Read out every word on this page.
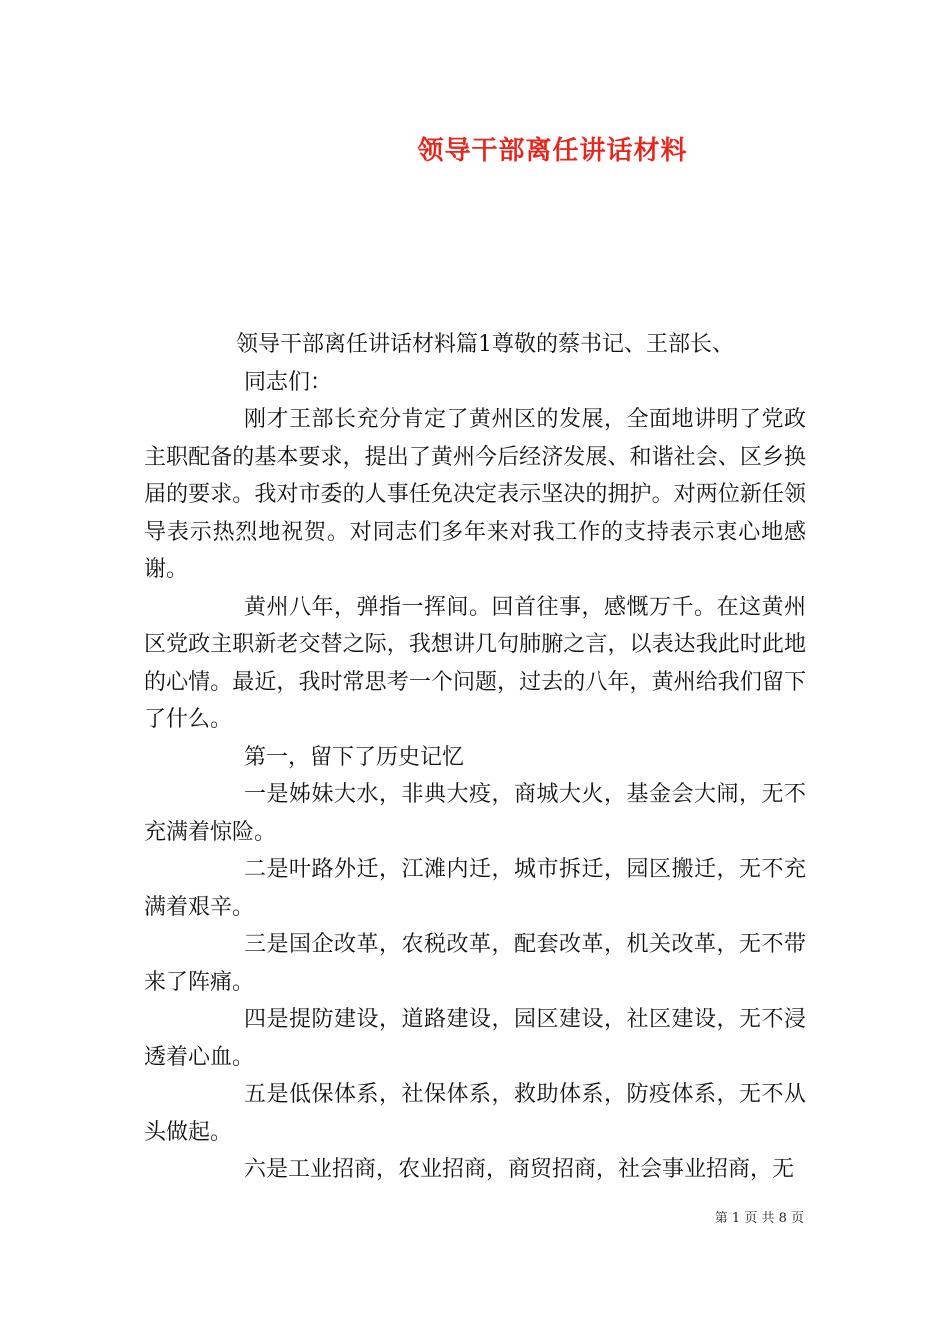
领导干部离任讲话材料

领导干部离任讲话材料篇1尊敬的蔡书记、王部长、

同志们：

刚才王部长充分肯定了黄州区的发展，全面地讲明了党政主职配备的基本要求，提出了黄州今后经济发展、和谐社会、区乡换届的要求。我对市委的人事任免决定表示坚决的拥护。对两位新任领导表示热烈地祝贺。对同志们多年来对我工作的支持表示衷心地感谢。

黄州八年，弹指一挥间。回首往事，感慨万千。在这黄州区党政主职新老交替之际，我想讲几句肺腑之言，以表达我此时此地的心情。最近，我时常思考一个问题，过去的八年，黄州给我们留下了什么。

第一，留下了历史记忆

一是姊妹大水，非典大疫，商城大火，基金会大闹，无不充满着惊险。

二是叶路外迁，江滩内迁，城市拆迁，园区搬迁，无不充满着艰辛。

三是国企改革，农税改革，配套改革，机关改革，无不带来了阵痛。

四是提防建设，道路建设，园区建设，社区建设，无不浸透着心血。

五是低保体系，社保体系，救助体系，防疫体系，无不从头做起。

六是工业招商，农业招商，商贸招商，社会事业招商，无

第 1 页 共 8 页
